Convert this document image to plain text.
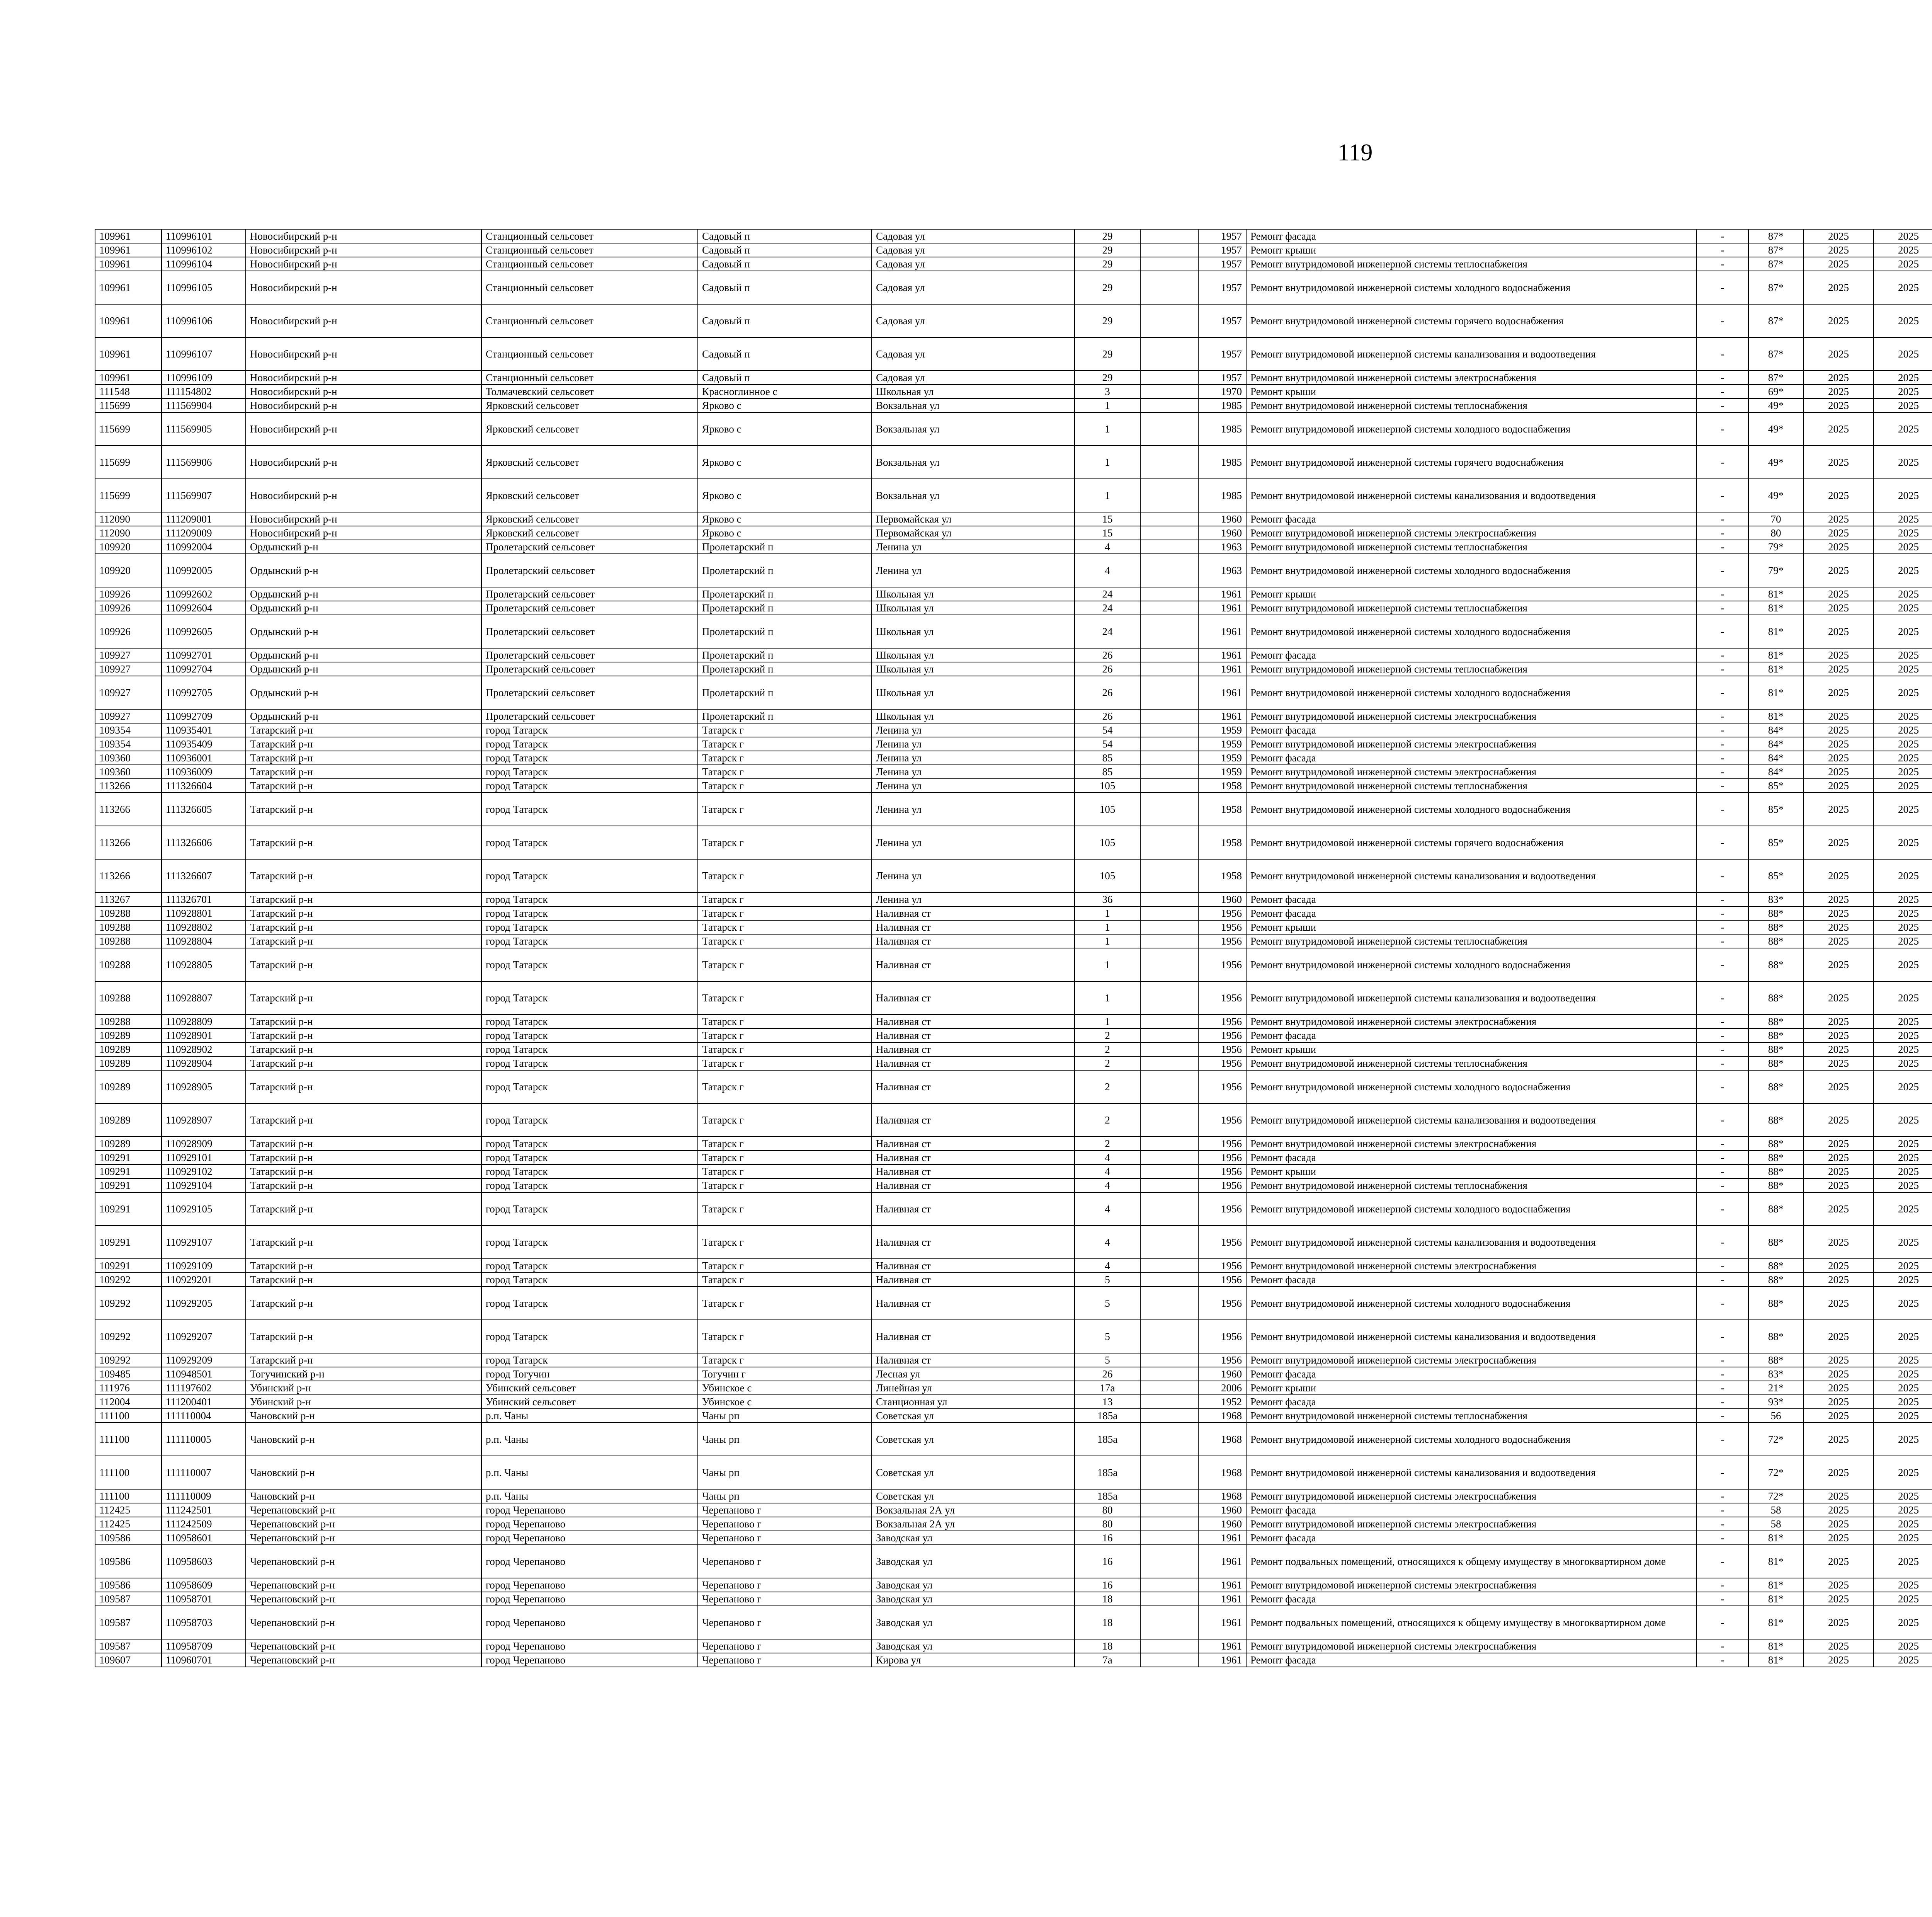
119
109961	110996101	Новосибирский р-н	Станционный сельсовет	Садовый п	Садовая ул	29		1957	Ремонт фасада	-	87*	2025	2025					
109961	110996102	Новосибирский р-н	Станционный сельсовет	Садовый п	Садовая ул	29		1957	Ремонт крыши	-	87*	2025	2025					
109961	110996104	Новосибирский р-н	Станционный сельсовет	Садовый п	Садовая ул	29		1957	Ремонт внутридомовой инженерной системы теплоснабжения	-	87*	2025	2025					
109961	110996105	Новосибирский р-н	Станционный сельсовет	Садовый п	Садовая ул	29		1957	Ремонт внутридомовой инженерной системы холодного водоснабжения	-	87*	2025	2025					
109961	110996106	Новосибирский р-н	Станционный сельсовет	Садовый п	Садовая ул	29		1957	Ремонт внутридомовой инженерной системы горячего водоснабжения	-	87*	2025	2025					
109961	110996107	Новосибирский р-н	Станционный сельсовет	Садовый п	Садовая ул	29		1957	Ремонт внутридомовой инженерной системы канализования и водоотведения	-	87*	2025	2025					
109961	110996109	Новосибирский р-н	Станционный сельсовет	Садовый п	Садовая ул	29		1957	Ремонт внутридомовой инженерной системы электроснабжения	-	87*	2025	2025					
111548	111154802	Новосибирский р-н	Толмачевский сельсовет	Красноглинное с	Школьная ул	3		1970	Ремонт крыши	-	69*	2025	2025					
115699	111569904	Новосибирский р-н	Ярковский сельсовет	Ярково с	Вокзальная ул	1		1985	Ремонт внутридомовой инженерной системы теплоснабжения	-	49*	2025	2025					
115699	111569905	Новосибирский р-н	Ярковский сельсовет	Ярково с	Вокзальная ул	1		1985	Ремонт внутридомовой инженерной системы холодного водоснабжения	-	49*	2025	2025					
115699	111569906	Новосибирский р-н	Ярковский сельсовет	Ярково с	Вокзальная ул	1		1985	Ремонт внутридомовой инженерной системы горячего водоснабжения	-	49*	2025	2025					
115699	111569907	Новосибирский р-н	Ярковский сельсовет	Ярково с	Вокзальная ул	1		1985	Ремонт внутридомовой инженерной системы канализования и водоотведения	-	49*	2025	2025					
112090	111209001	Новосибирский р-н	Ярковский сельсовет	Ярково с	Первомайская ул	15		1960	Ремонт фасада	-	70	2025	2025					
112090	111209009	Новосибирский р-н	Ярковский сельсовет	Ярково с	Первомайская ул	15		1960	Ремонт внутридомовой инженерной системы электроснабжения	-	80	2025	2025					
109920	110992004	Ордынский р-н	Пролетарский сельсовет	Пролетарский п	Ленина ул	4		1963	Ремонт внутридомовой инженерной системы теплоснабжения	-	79*	2025	2025					
109920	110992005	Ордынский р-н	Пролетарский сельсовет	Пролетарский п	Ленина ул	4		1963	Ремонт внутридомовой инженерной системы холодного водоснабжения	-	79*	2025	2025					
109926	110992602	Ордынский р-н	Пролетарский сельсовет	Пролетарский п	Школьная ул	24		1961	Ремонт крыши	-	81*	2025	2025					
109926	110992604	Ордынский р-н	Пролетарский сельсовет	Пролетарский п	Школьная ул	24		1961	Ремонт внутридомовой инженерной системы теплоснабжения	-	81*	2025	2025					
109926	110992605	Ордынский р-н	Пролетарский сельсовет	Пролетарский п	Школьная ул	24		1961	Ремонт внутридомовой инженерной системы холодного водоснабжения	-	81*	2025	2025					
109927	110992701	Ордынский р-н	Пролетарский сельсовет	Пролетарский п	Школьная ул	26		1961	Ремонт фасада	-	81*	2025	2025					
109927	110992704	Ордынский р-н	Пролетарский сельсовет	Пролетарский п	Школьная ул	26		1961	Ремонт внутридомовой инженерной системы теплоснабжения	-	81*	2025	2025					
109927	110992705	Ордынский р-н	Пролетарский сельсовет	Пролетарский п	Школьная ул	26		1961	Ремонт внутридомовой инженерной системы холодного водоснабжения	-	81*	2025	2025					
109927	110992709	Ордынский р-н	Пролетарский сельсовет	Пролетарский п	Школьная ул	26		1961	Ремонт внутридомовой инженерной системы электроснабжения	-	81*	2025	2025					
109354	110935401	Татарский р-н	город Татарск	Татарск г	Ленина ул	54		1959	Ремонт фасада	-	84*	2025	2025					
109354	110935409	Татарский р-н	город Татарск	Татарск г	Ленина ул	54		1959	Ремонт внутридомовой инженерной системы электроснабжения	-	84*	2025	2025					
109360	110936001	Татарский р-н	город Татарск	Татарск г	Ленина ул	85		1959	Ремонт фасада	-	84*	2025	2025					
109360	110936009	Татарский р-н	город Татарск	Татарск г	Ленина ул	85		1959	Ремонт внутридомовой инженерной системы электроснабжения	-	84*	2025	2025					
113266	111326604	Татарский р-н	город Татарск	Татарск г	Ленина ул	105		1958	Ремонт внутридомовой инженерной системы теплоснабжения	-	85*	2025	2025					
113266	111326605	Татарский р-н	город Татарск	Татарск г	Ленина ул	105		1958	Ремонт внутридомовой инженерной системы холодного водоснабжения	-	85*	2025	2025					
113266	111326606	Татарский р-н	город Татарск	Татарск г	Ленина ул	105		1958	Ремонт внутридомовой инженерной системы горячего водоснабжения	-	85*	2025	2025					
113266	111326607	Татарский р-н	город Татарск	Татарск г	Ленина ул	105		1958	Ремонт внутридомовой инженерной системы канализования и водоотведения	-	85*	2025	2025					
113267	111326701	Татарский р-н	город Татарск	Татарск г	Ленина ул	36		1960	Ремонт фасада	-	83*	2025	2025					
109288	110928801	Татарский р-н	город Татарск	Татарск г	Наливная ст	1		1956	Ремонт фасада	-	88*	2025	2025					
109288	110928802	Татарский р-н	город Татарск	Татарск г	Наливная ст	1		1956	Ремонт крыши	-	88*	2025	2025					
109288	110928804	Татарский р-н	город Татарск	Татарск г	Наливная ст	1		1956	Ремонт внутридомовой инженерной системы теплоснабжения	-	88*	2025	2025					
109288	110928805	Татарский р-н	город Татарск	Татарск г	Наливная ст	1		1956	Ремонт внутридомовой инженерной системы холодного водоснабжения	-	88*	2025	2025					
109288	110928807	Татарский р-н	город Татарск	Татарск г	Наливная ст	1		1956	Ремонт внутридомовой инженерной системы канализования и водоотведения	-	88*	2025	2025					
109288	110928809	Татарский р-н	город Татарск	Татарск г	Наливная ст	1		1956	Ремонт внутридомовой инженерной системы электроснабжения	-	88*	2025	2025					
109289	110928901	Татарский р-н	город Татарск	Татарск г	Наливная ст	2		1956	Ремонт фасада	-	88*	2025	2025					
109289	110928902	Татарский р-н	город Татарск	Татарск г	Наливная ст	2		1956	Ремонт крыши	-	88*	2025	2025					
109289	110928904	Татарский р-н	город Татарск	Татарск г	Наливная ст	2		1956	Ремонт внутридомовой инженерной системы теплоснабжения	-	88*	2025	2025					
109289	110928905	Татарский р-н	город Татарск	Татарск г	Наливная ст	2		1956	Ремонт внутридомовой инженерной системы холодного водоснабжения	-	88*	2025	2025					
109289	110928907	Татарский р-н	город Татарск	Татарск г	Наливная ст	2		1956	Ремонт внутридомовой инженерной системы канализования и водоотведения	-	88*	2025	2025					
109289	110928909	Татарский р-н	город Татарск	Татарск г	Наливная ст	2		1956	Ремонт внутридомовой инженерной системы электроснабжения	-	88*	2025	2025					
109291	110929101	Татарский р-н	город Татарск	Татарск г	Наливная ст	4		1956	Ремонт фасада	-	88*	2025	2025					
109291	110929102	Татарский р-н	город Татарск	Татарск г	Наливная ст	4		1956	Ремонт крыши	-	88*	2025	2025					
109291	110929104	Татарский р-н	город Татарск	Татарск г	Наливная ст	4		1956	Ремонт внутридомовой инженерной системы теплоснабжения	-	88*	2025	2025					
109291	110929105	Татарский р-н	город Татарск	Татарск г	Наливная ст	4		1956	Ремонт внутридомовой инженерной системы холодного водоснабжения	-	88*	2025	2025					
109291	110929107	Татарский р-н	город Татарск	Татарск г	Наливная ст	4		1956	Ремонт внутридомовой инженерной системы канализования и водоотведения	-	88*	2025	2025					
109291	110929109	Татарский р-н	город Татарск	Татарск г	Наливная ст	4		1956	Ремонт внутридомовой инженерной системы электроснабжения	-	88*	2025	2025					
109292	110929201	Татарский р-н	город Татарск	Татарск г	Наливная ст	5		1956	Ремонт фасада	-	88*	2025	2025					
109292	110929205	Татарский р-н	город Татарск	Татарск г	Наливная ст	5		1956	Ремонт внутридомовой инженерной системы холодного водоснабжения	-	88*	2025	2025					
109292	110929207	Татарский р-н	город Татарск	Татарск г	Наливная ст	5		1956	Ремонт внутридомовой инженерной системы канализования и водоотведения	-	88*	2025	2025					
109292	110929209	Татарский р-н	город Татарск	Татарск г	Наливная ст	5		1956	Ремонт внутридомовой инженерной системы электроснабжения	-	88*	2025	2025					
109485	110948501	Тогучинский р-н	город Тогучин	Тогучин г	Лесная ул	26		1960	Ремонт фасада	-	83*	2025	2025					
111976	111197602	Убинский р-н	Убинский сельсовет	Убинское с	Линейная ул	17а		2006	Ремонт крыши	-	21*	2025	2025					
112004	111200401	Убинский р-н	Убинский сельсовет	Убинское с	Станционная ул	13		1952	Ремонт фасада	-	93*	2025	2025					
111100	111110004	Чановский р-н	р.п. Чаны	Чаны рп	Советская ул	185а		1968	Ремонт внутридомовой инженерной системы теплоснабжения	-	56	2025	2025					
111100	111110005	Чановский р-н	р.п. Чаны	Чаны рп	Советская ул	185а		1968	Ремонт внутридомовой инженерной системы холодного водоснабжения	-	72*	2025	2025					
111100	111110007	Чановский р-н	р.п. Чаны	Чаны рп	Советская ул	185а		1968	Ремонт внутридомовой инженерной системы канализования и водоотведения	-	72*	2025	2025					
111100	111110009	Чановский р-н	р.п. Чаны	Чаны рп	Советская ул	185а		1968	Ремонт внутридомовой инженерной системы электроснабжения	-	72*	2025	2025					
112425	111242501	Черепановский р-н	город Черепаново	Черепаново г	Вокзальная 2А ул	80		1960	Ремонт фасада	-	58	2025	2025					
112425	111242509	Черепановский р-н	город Черепаново	Черепаново г	Вокзальная 2А ул	80		1960	Ремонт внутридомовой инженерной системы электроснабжения	-	58	2025	2025					
109586	110958601	Черепановский р-н	город Черепаново	Черепаново г	Заводская ул	16		1961	Ремонт фасада	-	81*	2025	2025					
109586	110958603	Черепановский р-н	город Черепаново	Черепаново г	Заводская ул	16		1961	Ремонт подвальных помещений, относящихся к общему имуществу в многоквартирном доме	-	81*	2025	2025					
109586	110958609	Черепановский р-н	город Черепаново	Черепаново г	Заводская ул	16		1961	Ремонт внутридомовой инженерной системы электроснабжения	-	81*	2025	2025					
109587	110958701	Черепановский р-н	город Черепаново	Черепаново г	Заводская ул	18		1961	Ремонт фасада	-	81*	2025	2025					
109587	110958703	Черепановский р-н	город Черепаново	Черепаново г	Заводская ул	18		1961	Ремонт подвальных помещений, относящихся к общему имуществу в многоквартирном доме	-	81*	2025	2025					
109587	110958709	Черепановский р-н	город Черепаново	Черепаново г	Заводская ул	18		1961	Ремонт внутридомовой инженерной системы электроснабжения	-	81*	2025	2025					
109607	110960701	Черепановский р-н	город Черепаново	Черепаново г	Кирова ул	7а		1961	Ремонт фасада	-	81*	2025	2025					
